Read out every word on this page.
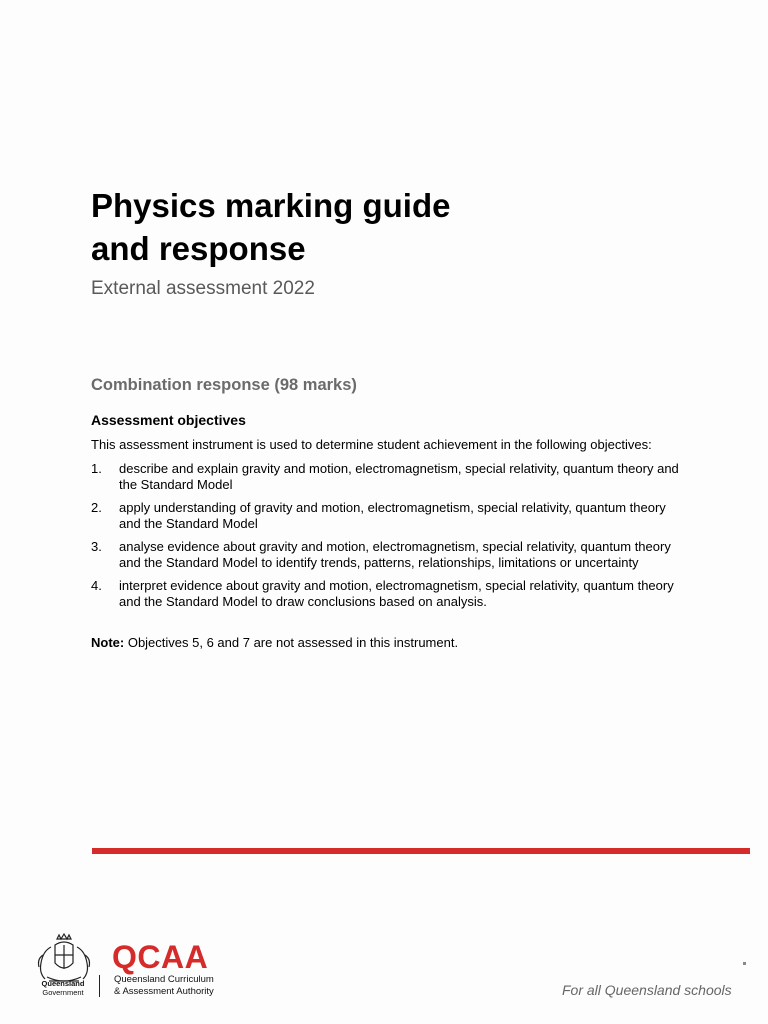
Physics marking guide
and response

External assessment 2022

Combination response (98 marks)
Assessment objectives

This assessment instrument is used to determine student achievement in the following objectives:

1. describe and explain gravity and motion, electromagnetism, special relativity, quantum theory and the Standard Model
2. apply understanding of gravity and motion, electromagnetism, special relativity, quantum theory and the Standard Model
3. analyse evidence about gravity and motion, electromagnetism, special relativity, quantum theory and the Standard Model to identify trends, patterns, relationships, limitations or uncertainty
4. interpret evidence about gravity and motion, electromagnetism, special relativity, quantum theory and the Standard Model to draw conclusions based on analysis.

Note: Objectives 5, 6 and 7 are not assessed in this instrument.

Queensland
Government
QCAA
Queensland Curriculum
& Assessment Authority	For all Queensland schools
